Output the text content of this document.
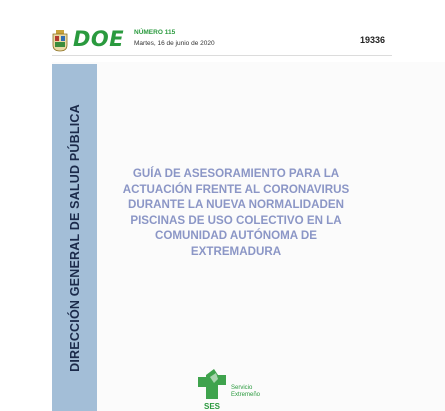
DOE NÚMERO 115
Martes, 16 de junio de 2020	19336
DIRECCIÓN GENERAL DE SALUD PÚBLICA	GUÍA DE ASESORAMIENTO PARA LA
ACTUACIÓN FRENTE AL CORONAVIRUS
DURANTE LA NUEVA NORMALIDADEN
PISCINAS DE USO COLECTIVO EN LA
COMUNIDAD AUTÓNOMA DE
EXTREMADURA
SES
Servicio
Extremeño
